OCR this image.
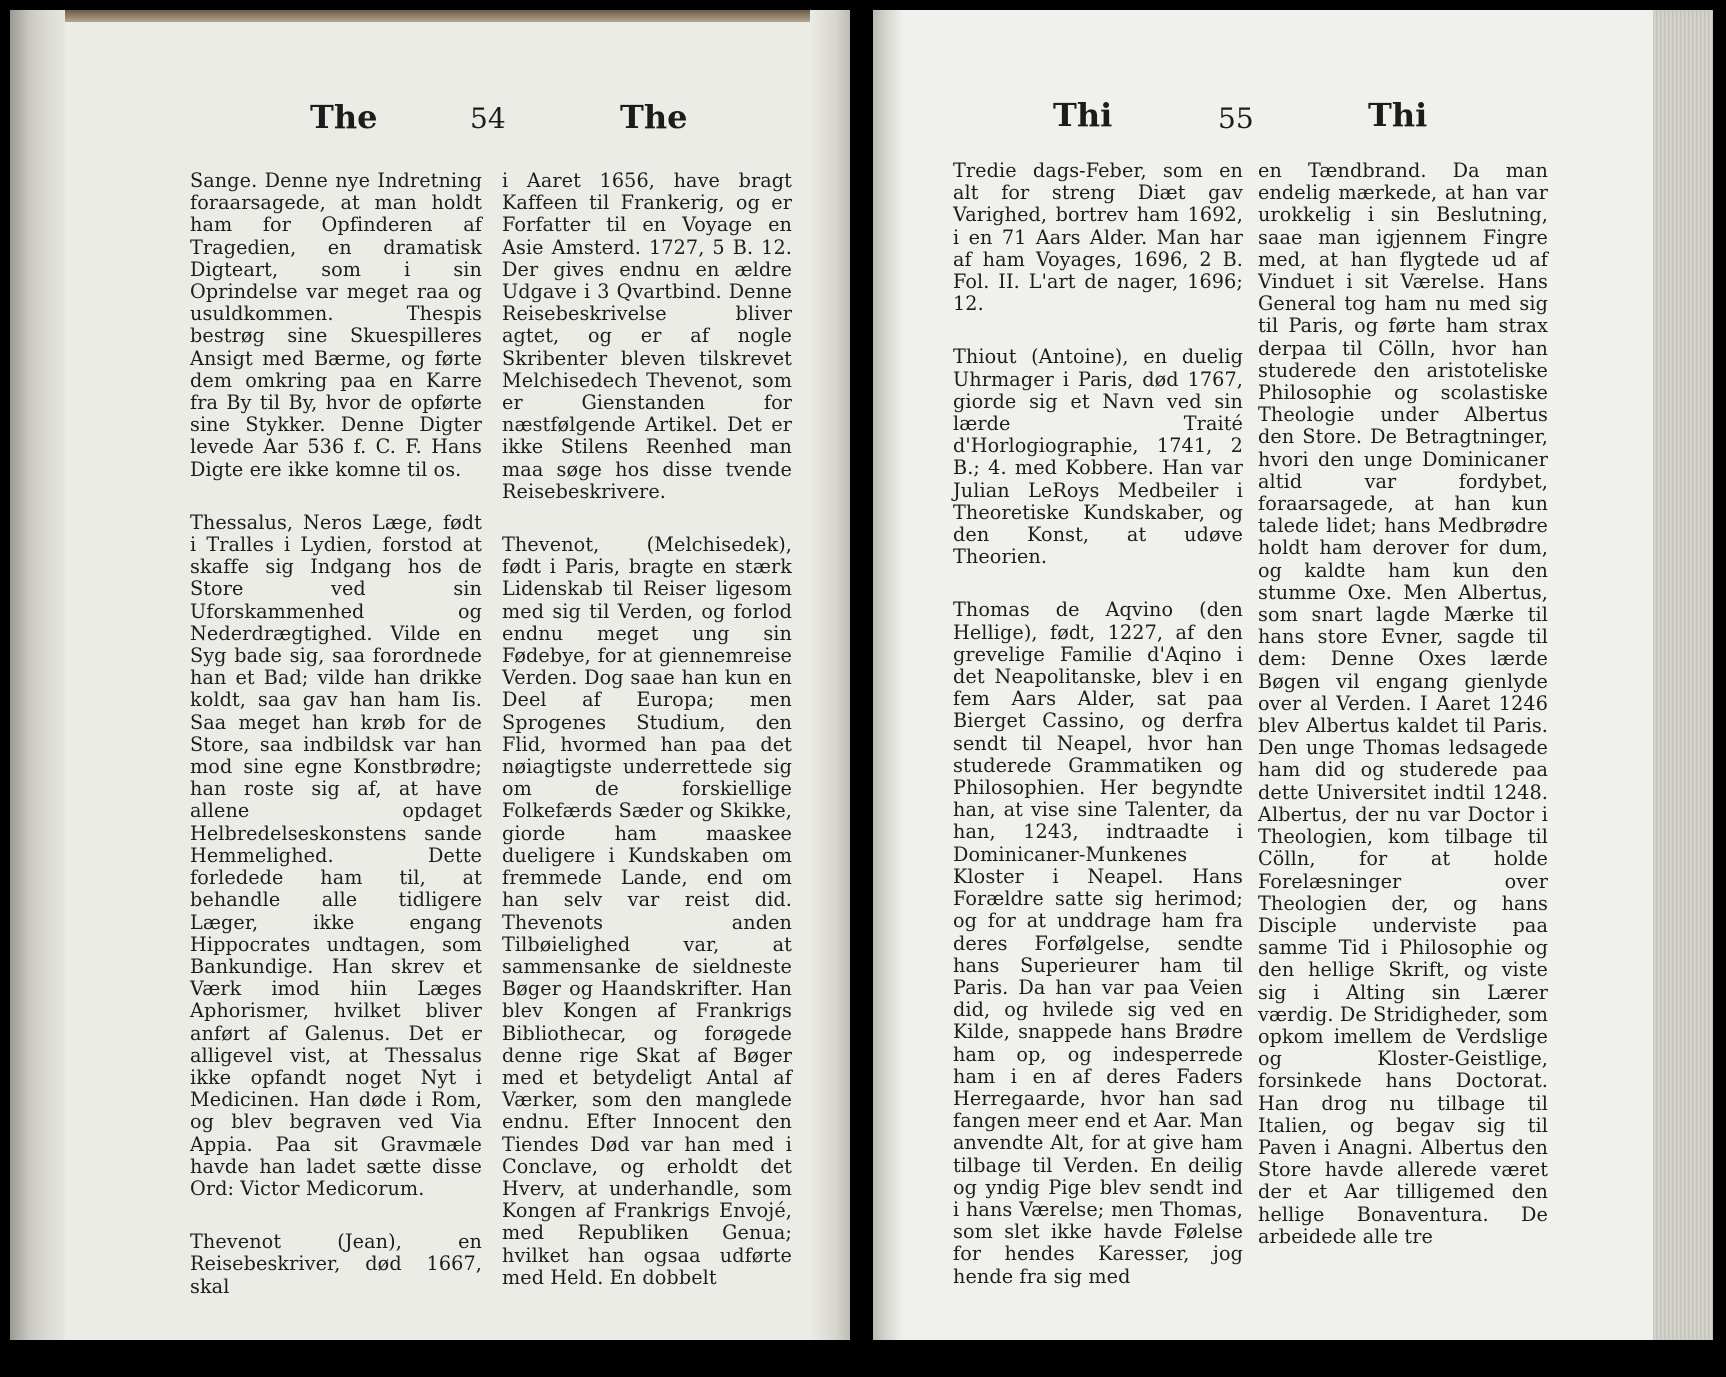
The	54	The

Sange. Denne nye Indretning foraarsagede, at man holdt ham for Opfinderen af Tragedien, en dramatisk Digteart, som i sin Oprindelse var meget raa og usuldkommen. Thespis bestrøg sine Skuespilleres Ansigt med Bærme, og førte dem omkring paa en Karre fra By til By, hvor de opførte sine Stykker. Denne Digter levede Aar 536 f. C. F. Hans Digte ere ikke komne til os.

Thessalus, Neros Læge, født i Tralles i Lydien, forstod at skaffe sig Indgang hos de Store ved sin Uforskammenhed og Nederdrægtighed. Vilde en Syg bade sig, saa forordnede han et Bad; vilde han drikke koldt, saa gav han ham Iis. Saa meget han krøb for de Store, saa indbildsk var han mod sine egne Konstbrødre; han roste sig af, at have allene opdaget Helbredelseskonstens sande Hemmelighed. Dette forledede ham til, at behandle alle tidligere Læger, ikke engang Hippocrates undtagen, som Bankundige. Han skrev et Værk imod hiin Læges Aphorismer, hvilket bliver anført af Galenus. Det er alligevel vist, at Thessalus ikke opfandt noget Nyt i Medicinen. Han døde i Rom, og blev begraven ved Via Appia. Paa sit Gravmæle havde han ladet sætte disse Ord: Victor Medicorum.

Thevenot (Jean), en Reisebeskriver, død 1667, skal

i Aaret 1656, have bragt Kaffeen til Frankerig, og er Forfatter til en Voyage en Asie Amsterd. 1727, 5 B. 12. Der gives endnu en ældre Udgave i 3 Qvartbind. Denne Reisebeskrivelse bliver agtet, og er af nogle Skribenter bleven tilskrevet Melchisedech Thevenot, som er Gienstanden for næstfølgende Artikel. Det er ikke Stilens Reenhed man maa søge hos disse tvende Reisebeskrivere.

Thevenot, (Melchisedek), født i Paris, bragte en stærk Lidenskab til Reiser ligesom med sig til Verden, og forlod endnu meget ung sin Fødebye, for at giennemreise Verden. Dog saae han kun en Deel af Europa; men Sprogenes Studium, den Flid, hvormed han paa det nøiagtigste underrettede sig om de forskiellige Folkefærds Sæder og Skikke, giorde ham maaskee dueligere i Kundskaben om fremmede Lande, end om han selv var reist did. Thevenots anden Tilbøielighed var, at sammensanke de sieldneste Bøger og Haandskrifter. Han blev Kongen af Frankrigs Bibliothecar, og forøgede denne rige Skat af Bøger med et betydeligt Antal af Værker, som den manglede endnu. Efter Innocent den Tiendes Død var han med i Conclave, og erholdt det Hverv, at underhandle, som Kongen af Frankrigs Envojé, med Republiken Genua; hvilket han ogsaa udførte med Held. En dobbelt

Thi	55	Thi

Tredie dags-Feber, som en alt for streng Diæt gav Varighed, bortrev ham 1692, i en 71 Aars Alder. Man har af ham Voyages, 1696, 2 B. Fol. II. L'art de nager, 1696; 12.

Thiout (Antoine), en duelig Uhrmager i Paris, død 1767, giorde sig et Navn ved sin lærde Traité d'Horlogiographie, 1741, 2 B.; 4. med Kobbere. Han var Julian LeRoys Medbeiler i Theoretiske Kundskaber, og den Konst, at udøve Theorien.

Thomas de Aqvino (den Hellige), født, 1227, af den grevelige Familie d'Aqino i det Neapolitanske, blev i en fem Aars Alder, sat paa Bierget Cassino, og derfra sendt til Neapel, hvor han studerede Grammatiken og Philosophien. Her begyndte han, at vise sine Talenter, da han, 1243, indtraadte i Dominicaner-Munkenes Kloster i Neapel. Hans Forældre satte sig herimod; og for at unddrage ham fra deres Forfølgelse, sendte hans Superieurer ham til Paris. Da han var paa Veien did, og hvilede sig ved en Kilde, snappede hans Brødre ham op, og indesperrede ham i en af deres Faders Herregaarde, hvor han sad fangen meer end et Aar. Man anvendte Alt, for at give ham tilbage til Verden. En deilig og yndig Pige blev sendt ind i hans Værelse; men Thomas, som slet ikke havde Følelse for hendes Karesser, jog hende fra sig med

en Tændbrand. Da man endelig mærkede, at han var urokkelig i sin Beslutning, saae man igjennem Fingre med, at han flygtede ud af Vinduet i sit Værelse. Hans General tog ham nu med sig til Paris, og førte ham strax derpaa til Cölln, hvor han studerede den aristoteliske Philosophie og scolastiske Theologie under Albertus den Store. De Betragtninger, hvori den unge Dominicaner altid var fordybet, foraarsagede, at han kun talede lidet; hans Medbrødre holdt ham derover for dum, og kaldte ham kun den stumme Oxe. Men Albertus, som snart lagde Mærke til hans store Evner, sagde til dem: Denne Oxes lærde Bøgen vil engang gienlyde over al Verden. I Aaret 1246 blev Albertus kaldet til Paris. Den unge Thomas ledsagede ham did og studerede paa dette Universitet indtil 1248. Albertus, der nu var Doctor i Theologien, kom tilbage til Cölln, for at holde Forelæsninger over Theologien der, og hans Disciple underviste paa samme Tid i Philosophie og den hellige Skrift, og viste sig i Alting sin Lærer værdig. De Stridigheder, som opkom imellem de Verdslige og Kloster-Geistlige, forsinkede hans Doctorat. Han drog nu tilbage til Italien, og begav sig til Paven i Anagni. Albertus den Store havde allerede været der et Aar tilligemed den hellige Bonaventura. De arbeidede alle tre
